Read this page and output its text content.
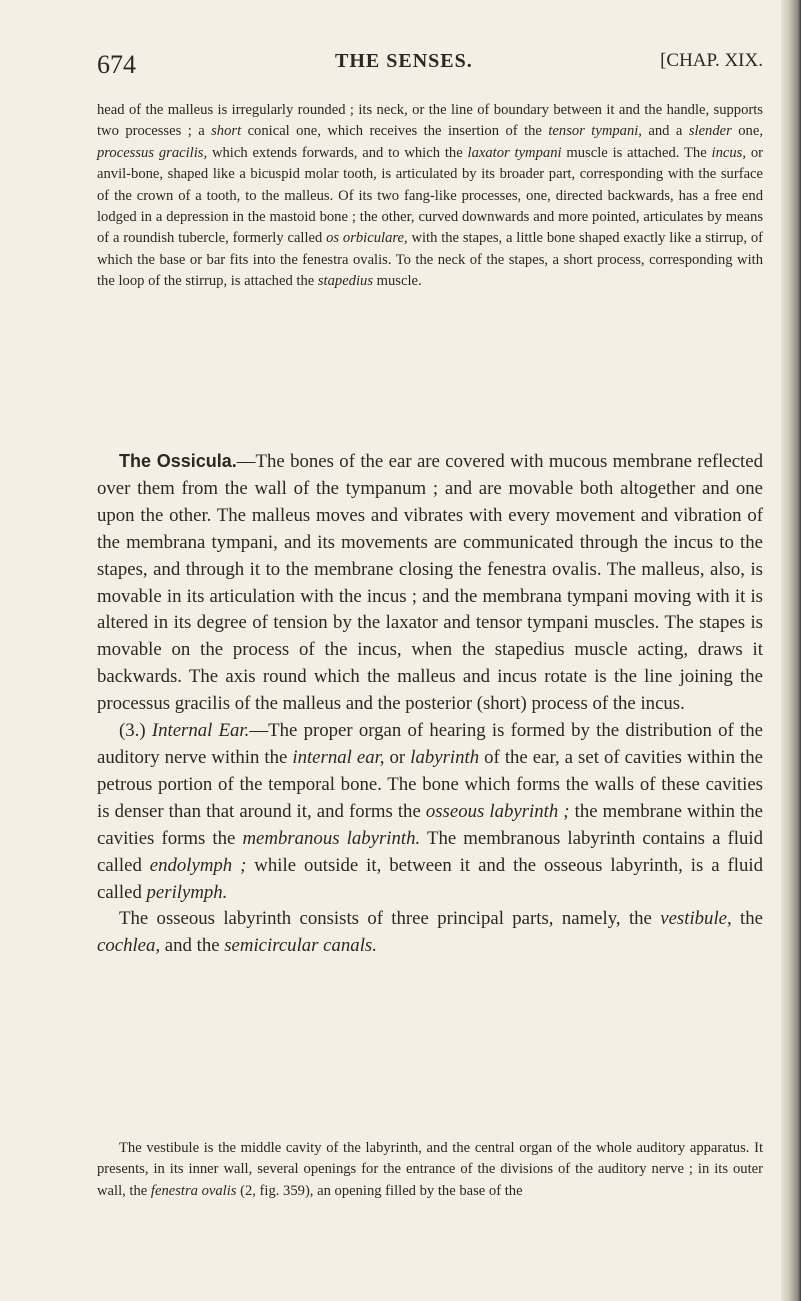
674	THE SENSES.	[CHAP. XIX.

head of the malleus is irregularly rounded ; its neck, or the line of boundary between it and the handle, supports two processes ; a short conical one, which receives the insertion of the tensor tympani, and a slender one, processus gracilis, which extends forwards, and to which the laxator tympani muscle is attached. The incus, or anvil-bone, shaped like a bicuspid molar tooth, is articulated by its broader part, corresponding with the surface of the crown of a tooth, to the malleus. Of its two fang-like processes, one, directed backwards, has a free end lodged in a depression in the mastoid bone ; the other, curved downwards and more pointed, articulates by means of a roundish tubercle, formerly called os orbiculare, with the stapes, a little bone shaped exactly like a stirrup, of which the base or bar fits into the fenestra ovalis. To the neck of the stapes, a short process, corresponding with the loop of the stirrup, is attached the stapedius muscle.

The Ossicula.—The bones of the ear are covered with mucous membrane reflected over them from the wall of the tympanum ; and are movable both altogether and one upon the other. The malleus moves and vibrates with every movement and vibration of the membrana tympani, and its movements are communicated through the incus to the stapes, and through it to the membrane closing the fenestra ovalis. The malleus, also, is movable in its articulation with the incus ; and the membrana tympani moving with it is altered in its degree of tension by the laxator and tensor tympani muscles. The stapes is movable on the process of the incus, when the stapedius muscle acting, draws it backwards. The axis round which the malleus and incus rotate is the line joining the processus gracilis of the malleus and the posterior (short) process of the incus.

(3.) Internal Ear.—The proper organ of hearing is formed by the distribution of the auditory nerve within the internal ear, or labyrinth of the ear, a set of cavities within the petrous portion of the temporal bone. The bone which forms the walls of these cavities is denser than that around it, and forms the osseous labyrinth ; the membrane within the cavities forms the membranous labyrinth. The membranous labyrinth contains a fluid called endolymph ; while outside it, between it and the osseous labyrinth, is a fluid called perilymph.

The osseous labyrinth consists of three principal parts, namely, the vestibule, the cochlea, and the semicircular canals.

The vestibule is the middle cavity of the labyrinth, and the central organ of the whole auditory apparatus. It presents, in its inner wall, several openings for the entrance of the divisions of the auditory nerve ; in its outer wall, the fenestra ovalis (2, fig. 359), an opening filled by the base of the
